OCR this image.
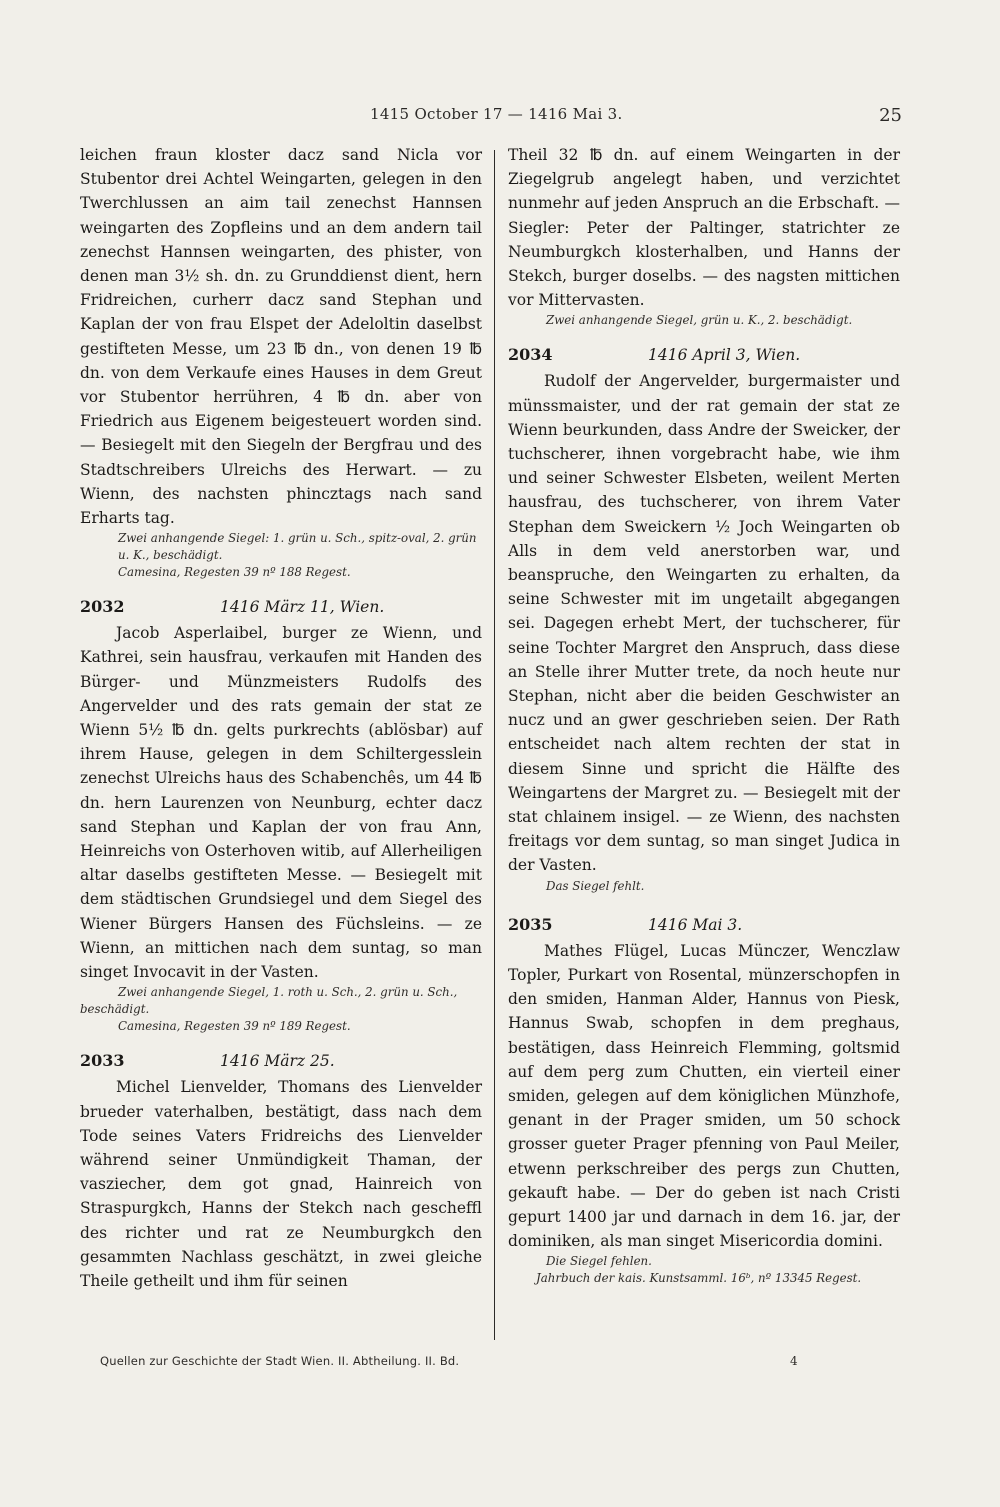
1415 October 17 — 1416 Mai 3.	25

leichen fraun kloster dacz sand Nicla vor Stubentor drei Achtel Weingarten, gelegen in den Twerchlussen an aim tail zenechst Hannsen weingarten des Zopfleins und an dem andern tail zenechst Hannsen weingarten, des phister, von denen man 3½ sh. dn. zu Grunddienst dient, hern Fridreichen, curherr dacz sand Stephan und Kaplan der von frau Elspet der Adeloltin daselbst gestifteten Messe, um 23 ℔ dn., von denen 19 ℔ dn. von dem Verkaufe eines Hauses in dem Greut vor Stubentor herrühren, 4 ℔ dn. aber von Friedrich aus Eigenem beigesteuert worden sind. — Besiegelt mit den Siegeln der Bergfrau und des Stadtschreibers Ulreichs des Herwart. — zu Wienn, des nachsten phincztags nach sand Erharts tag.

Zwei anhangende Siegel: 1. grün u. Sch., spitz-oval, 2. grün u. K., beschädigt.

Camesina, Regesten 39 nº 188 Regest.

2032	1416 März 11, Wien.

Jacob Asperlaibel, burger ze Wienn, und Kathrei, sein hausfrau, verkaufen mit Handen des Bürger- und Münzmeisters Rudolfs des Angervelder und des rats gemain der stat ze Wienn 5½ ℔ dn. gelts purkrechts (ablösbar) auf ihrem Hause, gelegen in dem Schiltergesslein zenechst Ulreichs haus des Schabenchês, um 44 ℔ dn. hern Laurenzen von Neunburg, echter dacz sand Stephan und Kaplan der von frau Ann, Heinreichs von Osterhoven witib, auf Allerheiligen altar daselbs gestifteten Messe. — Besiegelt mit dem städtischen Grundsiegel und dem Siegel des Wiener Bürgers Hansen des Füchsleins. — ze Wienn, an mittichen nach dem suntag, so man singet Invocavit in der Vasten.

Zwei anhangende Siegel, 1. roth u. Sch., 2. grün u. Sch., beschädigt.

Camesina, Regesten 39 nº 189 Regest.

2033	1416 März 25.

Michel Lienvelder, Thomans des Lienvelder brueder vaterhalben, bestätigt, dass nach dem Tode seines Vaters Fridreichs des Lienvelder während seiner Unmündigkeit Thaman, der vasziecher, dem got gnad, Hainreich von Straspurgkch, Hanns der Stekch nach gescheffl des richter und rat ze Neumburgkch den gesammten Nachlass geschätzt, in zwei gleiche Theile getheilt und ihm für seinen

Theil 32 ℔ dn. auf einem Weingarten in der Ziegelgrub angelegt haben, und verzichtet nunmehr auf jeden Anspruch an die Erbschaft. — Siegler: Peter der Paltinger, statrichter ze Neumburgkch klosterhalben, und Hanns der Stekch, burger doselbs. — des nagsten mittichen vor Mittervasten.

Zwei anhangende Siegel, grün u. K., 2. beschädigt.

2034	1416 April 3, Wien.

Rudolf der Angervelder, burgermaister und münssmaister, und der rat gemain der stat ze Wienn beurkunden, dass Andre der Sweicker, der tuchscherer, ihnen vorgebracht habe, wie ihm und seiner Schwester Elsbeten, weilent Merten hausfrau, des tuchscherer, von ihrem Vater Stephan dem Sweickern ½ Joch Weingarten ob Alls in dem veld anerstorben war, und beanspruche, den Weingarten zu erhalten, da seine Schwester mit im ungetailt abgegangen sei. Dagegen erhebt Mert, der tuchscherer, für seine Tochter Margret den Anspruch, dass diese an Stelle ihrer Mutter trete, da noch heute nur Stephan, nicht aber die beiden Geschwister an nucz und an gwer geschrieben seien. Der Rath entscheidet nach altem rechten der stat in diesem Sinne und spricht die Hälfte des Weingartens der Margret zu. — Besiegelt mit der stat chlainem insigel. — ze Wienn, des nachsten freitags vor dem suntag, so man singet Judica in der Vasten.

Das Siegel fehlt.

2035	1416 Mai 3.

Mathes Flügel, Lucas Münczer, Wenczlaw Topler, Purkart von Rosental, münzerschopfen in den smiden, Hanman Alder, Hannus von Piesk, Hannus Swab, schopfen in dem preghaus, bestätigen, dass Heinreich Flemming, goltsmid auf dem perg zum Chutten, ein vierteil einer smiden, gelegen auf dem königlichen Münzhofe, genant in der Prager smiden, um 50 schock grosser gueter Prager pfenning von Paul Meiler, etwenn perkschreiber des pergs zun Chutten, gekauft habe. — Der do geben ist nach Cristi gepurt 1400 jar und darnach in dem 16. jar, der dominiken, als man singet Misericordia domini.

Die Siegel fehlen.

Jahrbuch der kais. Kunstsamml. 16ᵇ, nº 13345 Regest.

Quellen zur Geschichte der Stadt Wien. II. Abtheilung. II. Bd.	4
